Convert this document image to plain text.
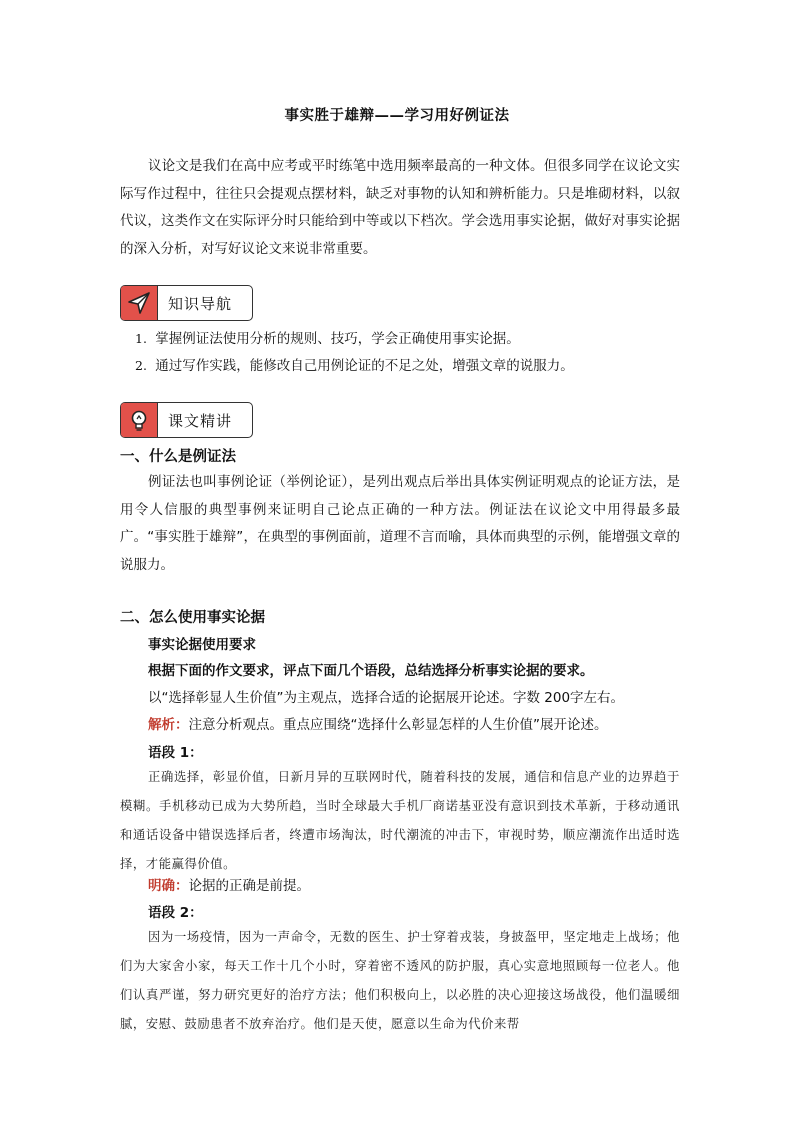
事实胜于雄辩——学习用好例证法

议论文是我们在高中应考或平时练笔中选用频率最高的一种文体。但很多同学在议论文实际写作过程中，往往只会提观点摆材料，缺乏对事物的认知和辨析能力。只是堆砌材料，以叙代议，这类作文在实际评分时只能给到中等或以下档次。学会选用事实论据，做好对事实论据的深入分析，对写好议论文来说非常重要。

知识导航
1. 掌握例证法使用分析的规则、技巧，学会正确使用事实论据。
2. 通过写作实践，能修改自己用例论证的不足之处，增强文章的说服力。
课文精讲
一、什么是例证法

例证法也叫事例论证（举例论证），是列出观点后举出具体实例证明观点的论证方法，是用令人信服的典型事例来证明自己论点正确的一种方法。例证法在议论文中用得最多最广。“事实胜于雄辩”，在典型的事例面前，道理不言而喻，具体而典型的示例，能增强文章的说服力。

二、怎么使用事实论据
事实论据使用要求
根据下面的作文要求，评点下面几个语段，总结选择分析事实论据的要求。
以“选择彰显人生价值”为主观点，选择合适的论据展开论述。字数 200字左右。
解析：注意分析观点。重点应围绕“选择什么彰显怎样的人生价值”展开论述。
语段 1：

正确选择，彰显价值，日新月异的互联网时代，随着科技的发展，通信和信息产业的边界趋于模糊。手机移动已成为大势所趋，当时全球最大手机厂商诺基亚没有意识到技术革新，于移动通讯和通话设备中错误选择后者，终遭市场淘汰，时代潮流的冲击下，审视时势，顺应潮流作出适时选择，才能赢得价值。

明确：论据的正确是前提。
语段 2：

因为一场疫情，因为一声命令，无数的医生、护士穿着戎装，身披盔甲，坚定地走上战场；他们为大家舍小家，每天工作十几个小时，穿着密不透风的防护服，真心实意地照顾每一位老人。他们认真严谨，努力研究更好的治疗方法；他们积极向上，以必胜的决心迎接这场战役，他们温暖细腻，安慰、鼓励患者不放弃治疗。他们是天使，愿意以生命为代价来帮
